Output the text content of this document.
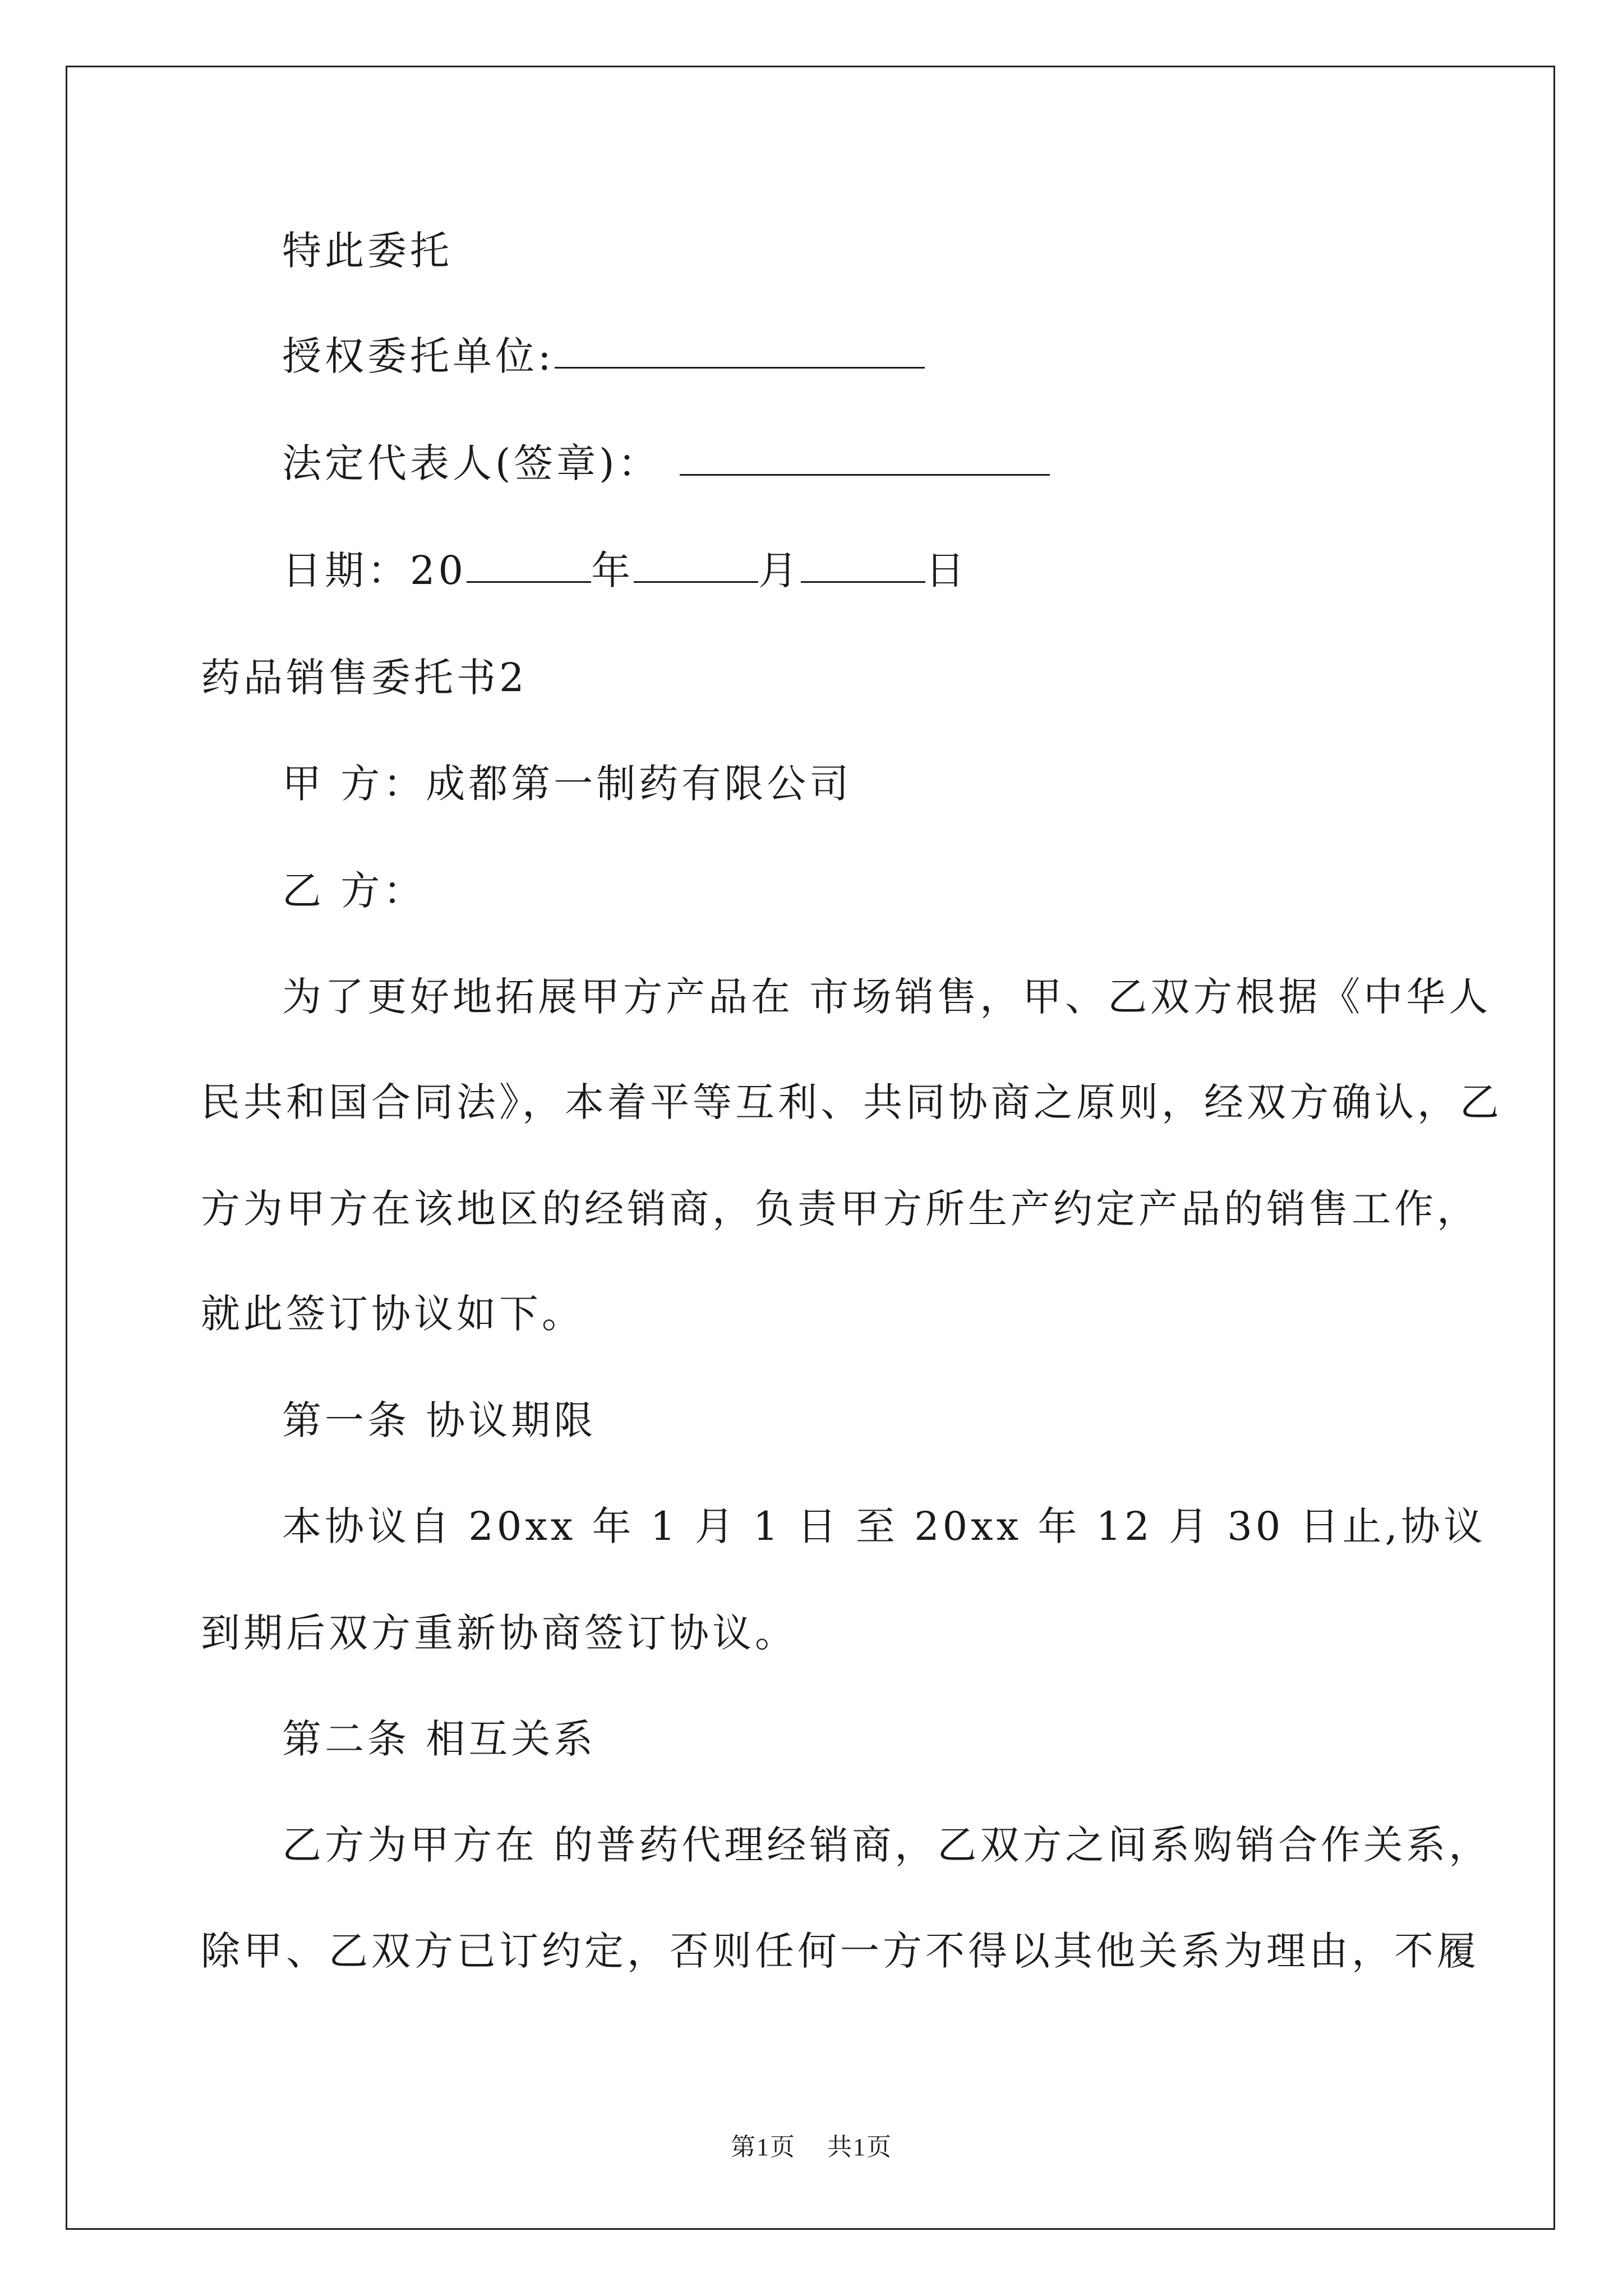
特此委托
授权委托单位:
法定代表人(签章)：
日期：20	年	月	日
药品销售委托书2
甲 方：成都第一制药有限公司
乙 方：
为了更好地拓展甲方产品在 市场销售，甲、乙双方根据《中华人
民共和国合同法》，本着平等互利、共同协商之原则，经双方确认，乙
方为甲方在该地区的经销商，负责甲方所生产约定产品的销售工作，
就此签订协议如下。
第一条 协议期限
本协议自 20xx 年 1 月 1 日 至 20xx 年 12 月 30 日止,协议
到期后双方重新协商签订协议。
第二条 相互关系
乙方为甲方在 的普药代理经销商，乙双方之间系购销合作关系，
除甲、乙双方已订约定，否则任何一方不得以其他关系为理由，不履
第1页 共1页
